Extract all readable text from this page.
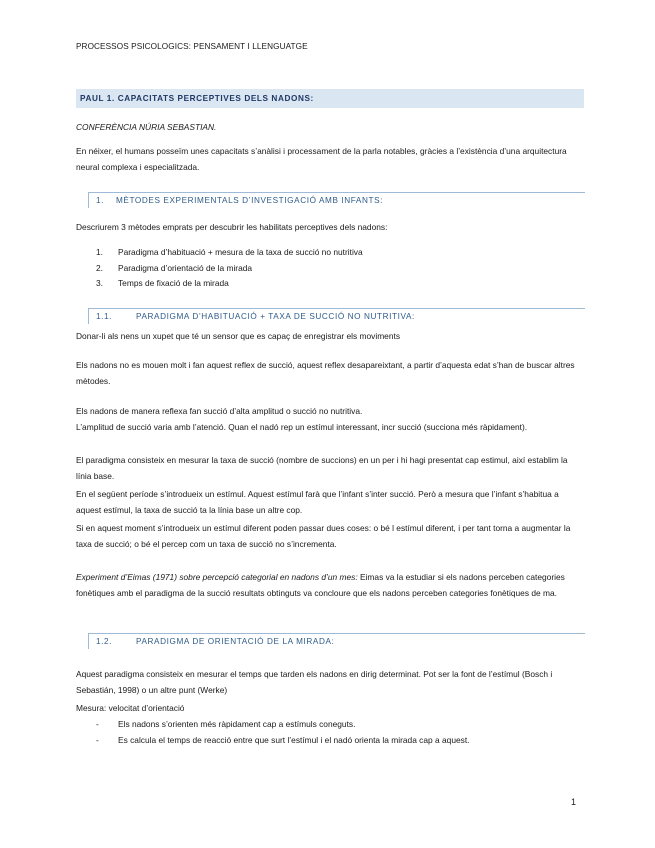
PROCESSOS PSICOLOGICS: PENSAMENT I LLENGUATGE
PAUL 1. CAPACITATS PERCEPTIVES DELS NADONS:
CONFERÈNCIA NÚRIA SEBASTIAN.
En néixer, el humans posseïm unes capacitats s’anàlisi i processament de la parla notables, gràcies a l’existència d’una arquitectura neural complexa i especialitzada.
1. MÈTODES EXPERIMENTALS D’INVESTIGACIÓ AMB INFANTS:
Descriurem 3 mètodes emprats per descubrir les habilitats perceptives dels nadons:
1. Paradigma d’habituació + mesura de la taxa de succió no nutritiva
2. Paradigma d’orientació de la mirada
3. Temps de fixació de la mirada
1.1.	PARADIGMA D’HABITUACIÓ + TAXA DE SUCCIÓ NO NUTRITIVA:
Donar-li als nens un xupet que té un sensor que es capaç de enregistrar els moviments
Els nadons no es mouen molt i fan aquest reflex de succió, aquest reflex desapareixtant, a partir d’aquesta edat s’han de buscar altres mètodes.
Els nadons de manera reflexa fan succió d’alta amplitud o succió no nutritiva.
L’amplitud de succió varia amb l’atenció. Quan el nadó rep un estímul interessant, incr succió (succiona més ràpidament).
El paradigma consisteix en mesurar la taxa de succió (nombre de succions) en un per i hi hagi presentat cap estimul, així establim la línia base.
En el següent període s’introdueix un estímul. Aquest estímul farà que l’infant s’inter succió. Però a mesura que l’infant s’habitua a aquest estímul, la taxa de succió ta la línia base un altre cop.
Si en aquest moment s’introdueix un estímul diferent poden passar dues coses: o bé l estímul diferent, i per tant torna a augmentar la taxa de succió; o bé el percep com un taxa de succió no s’incrementa.
Experiment d’Eimas (1971) sobre percepció categorial en nadons d’un mes: Eimas va la estudiar si els nadons perceben categories fonètiques amb el paradigma de la succió resultats obtinguts va concloure que els nadons perceben categories fonètiques de ma.
1.2.	PARADIGMA DE ORIENTACIÓ DE LA MIRADA:
Aquest paradigma consisteix en mesurar el temps que tarden els nadons en dirig determinat. Pot ser la font de l’estímul (Bosch i Sebastián, 1998) o un altre punt (Werke)
Mesura: velocitat d’orientació
- Els nadons s’orienten més ràpidament cap a estímuls coneguts.
- Es calcula el temps de reacció entre que surt l’estímul i el nadó orienta la mirada cap a aquest.
1
